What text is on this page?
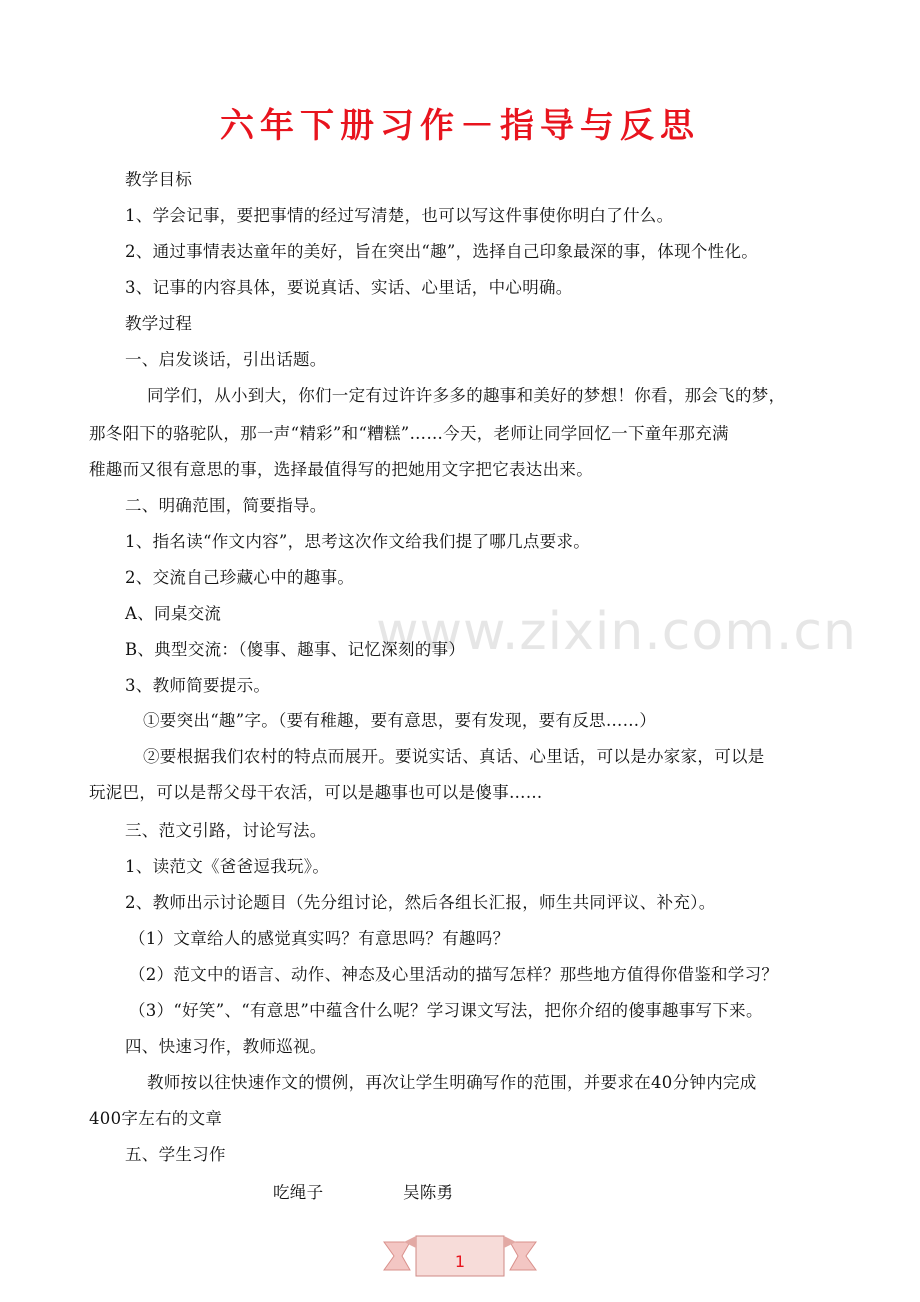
六年下册习作－指导与反思
www.zixin.com.cn
教学目标
1、学会记事，要把事情的经过写清楚，也可以写这件事使你明白了什么。
2、通过事情表达童年的美好，旨在突出“趣”，选择自己印象最深的事，体现个性化。
3、记事的内容具体，要说真话、实话、心里话，中心明确。
教学过程
一、启发谈话，引出话题。
同学们，从小到大，你们一定有过许许多多的趣事和美好的梦想！你看，那会飞的梦，
那冬阳下的骆驼队，那一声“精彩”和“糟糕”……今天，老师让同学回忆一下童年那充满
稚趣而又很有意思的事，选择最值得写的把她用文字把它表达出来。
二、明确范围，简要指导。
1、指名读“作文内容”，思考这次作文给我们提了哪几点要求。
2、交流自己珍藏心中的趣事。
A、同桌交流
B、典型交流：（傻事、趣事、记忆深刻的事）
3、教师简要提示。
①要突出“趣”字。（要有稚趣，要有意思，要有发现，要有反思……）
②要根据我们农村的特点而展开。要说实话、真话、心里话，可以是办家家，可以是
玩泥巴，可以是帮父母干农活，可以是趣事也可以是傻事……
三、范文引路，讨论写法。
1、读范文《爸爸逗我玩》。
2、教师出示讨论题目（先分组讨论，然后各组长汇报，师生共同评议、补充）。
（1）文章给人的感觉真实吗？有意思吗？有趣吗？
（2）范文中的语言、动作、神态及心里活动的描写怎样？那些地方值得你借鉴和学习？
（3）“好笑”、“有意思”中蕴含什么呢？学习课文写法，把你介绍的傻事趣事写下来。
四、快速习作，教师巡视。
教师按以往快速作文的惯例，再次让学生明确写作的范围，并要求在40分钟内完成
400字左右的文章
五、学生习作
吃绳子	吴陈勇
1
